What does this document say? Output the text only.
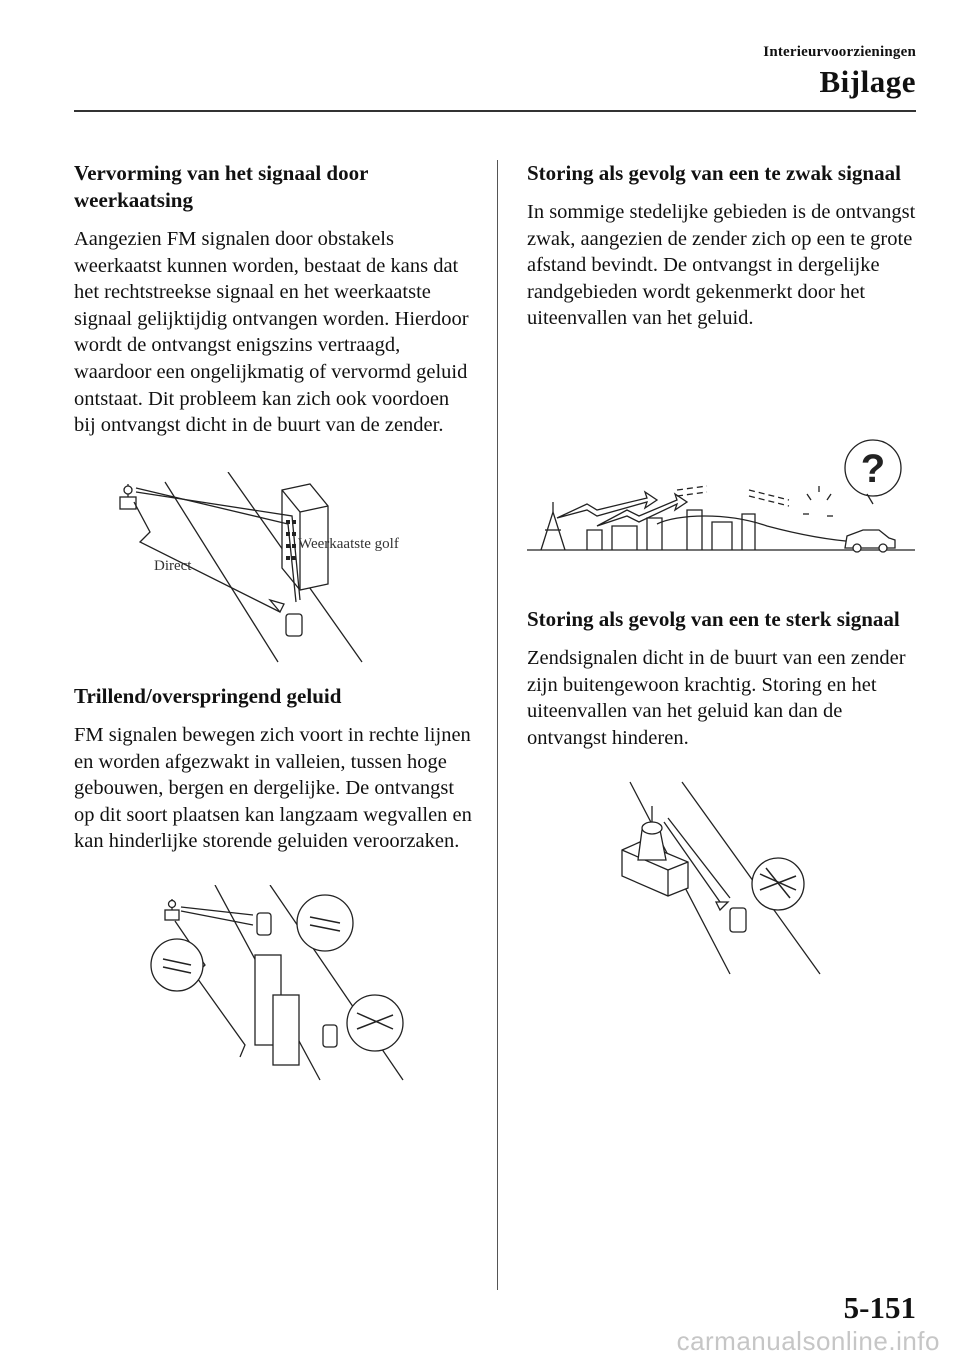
Interieurvoorzieningen
Bijlage
Vervorming van het signaal door weerkaatsing

Aangezien FM signalen door obstakels weerkaatst kunnen worden, bestaat de kans dat het rechtstreekse signaal en het weerkaatste signaal gelijktijdig ontvangen worden. Hierdoor wordt de ontvangst enigszins vertraagd, waardoor een ongelijkmatig of vervormd geluid ontstaat. Dit probleem kan zich ook voordoen bij ontvangst dicht in de buurt van de zender.

Direct
Weerkaatste golf
Trillend/overspringend geluid

FM signalen bewegen zich voort in rechte lijnen en worden afgezwakt in valleien, tussen hoge gebouwen, bergen en dergelijke. De ontvangst op dit soort plaatsen kan langzaam wegvallen en kan hinderlijke storende geluiden veroorzaken.

Storing als gevolg van een te zwak signaal

In sommige stedelijke gebieden is de ontvangst zwak, aangezien de zender zich op een te grote afstand bevindt. De ontvangst in dergelijke randgebieden wordt gekenmerkt door het uiteenvallen van het geluid.

?
Storing als gevolg van een te sterk signaal

Zendsignalen dicht in de buurt van een zender zijn buitengewoon krachtig. Storing en het uiteenvallen van het geluid kan dan de ontvangst hinderen.

5-151
carmanualsonline.info
